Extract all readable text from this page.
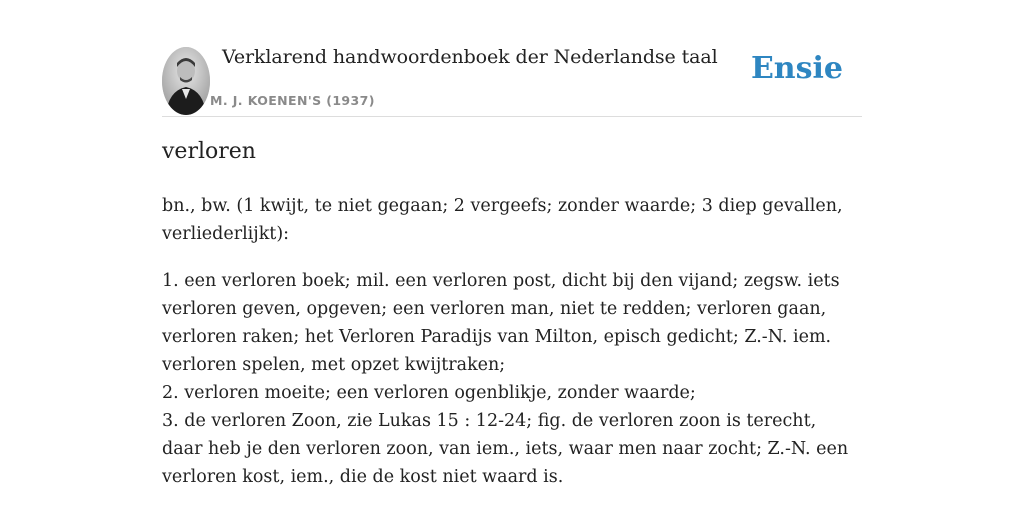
Verklarend handwoordenboek der Nederlandse taal
M. J. KOENEN'S (1937)
Ensie
verloren

bn., bw. (1 kwijt, te niet gegaan; 2 vergeefs; zonder waarde; 3 diep gevallen, verliederlijkt):

1. een verloren boek; mil. een verloren post, dicht bij den vijand; zegsw. iets verloren geven, opgeven; een verloren man, niet te redden; verloren gaan, verloren raken; het Verloren Paradijs van Milton, episch gedicht; Z.-N. iem. verloren spelen, met opzet kwijtraken;

2. verloren moeite; een verloren ogenblikje, zonder waarde;

3. de verloren Zoon, zie Lukas 15 : 12-24; fig. de verloren zoon is terecht, daar heb je den verloren zoon, van iem., iets, waar men naar zocht; Z.-N. een verloren kost, iem., die de kost niet waard is.
